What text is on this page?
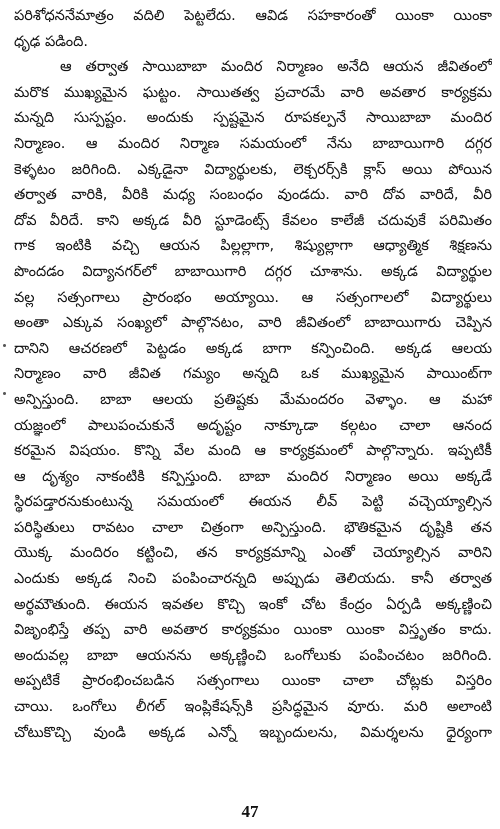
పరిశోధననేమాత్రం వదిలి పెట్టలేదు. ఆవిడ సహకారంతో యింకా యింకా
ధృఢ పడింది.
ఆ తర్వాత సాయిబాబా మందిర నిర్మాణం అనేది ఆయన జీవితంలో
మరొక ముఖ్యమైన ఘట్టం. సాయితత్వ ప్రచారమే వారి అవతార కార్యక్రమ
మన్నది సుస్పష్టం. అందుకు స్పష్టమైన రూపకల్పనే సాయిబాబా మందిర
నిర్మాణం. ఆ మందిర నిర్మాణ సమయంలో నేను బాబాయిగారి దగ్గర
కెళ్ళటం జరిగింది. ఎక్కడైనా విద్యార్థులకు, లెక్చరర్స్‌కి క్లాస్ అయి పోయిన
తర్వాత వారికి, వీరికి మధ్య సంబంధం వుండదు. వారి దోవ వారిదే, వీరి
దోవ వీరిదే. కాని అక్కడ వీరి స్టూడెంట్స్ కేవలం కాలేజీ చదువుకే పరిమితం
గాక ఇంటికి వచ్చి ఆయన పిల్లల్లాగా, శిష్యుల్లాగా ఆధ్యాత్మిక శిక్షణను
పొందడం విద్యానగర్‌లో బాబాయిగారి దగ్గర చూశాను. అక్కడ విద్యార్థుల
వల్ల సత్సంగాలు ప్రారంభం అయ్యాయి. ఆ సత్సంగాలలో విద్యార్థులు
అంతా ఎక్కువ సంఖ్యలో పాల్గొనటం, వారి జీవితంలో బాబాయిగారు చెప్పిన
దానిని ఆచరణలో పెట్టడం అక్కడ బాగా కన్పించింది. అక్కడ ఆలయ
నిర్మాణం వారి జీవిత గమ్యం అన్నది ఒక ముఖ్యమైన పాయింట్‌గా
అన్పిస్తుంది. బాబా ఆలయ ప్రతిష్టకు మేమందరం వెళ్ళాం. ఆ మహా
యజ్ఞంలో పాలుపంచుకునే అదృష్టం నాక్కూడా కల్గటం చాలా ఆనంద
కరమైన విషయం. కొన్ని వేల మంది ఆ కార్యక్రమంలో పాల్గొన్నారు. ఇప్పటికీ
ఆ దృశ్యం నాకంటికి కన్పిస్తుంది. బాబా మందిర నిర్మాణం అయి అక్కడే
స్థిరపడ్తారనుకుంటున్న సమయంలో ఈయన లీవ్ పెట్టి వచ్చెయ్యాల్సిన
పరిస్థితులు రావటం చాలా చిత్రంగా అన్పిస్తుంది. భౌతికమైన దృష్టికి తన
యొక్క మందిరం కట్టించి, తన కార్యక్రమాన్ని ఎంతో చెయ్యాల్సిన వారిని
ఎందుకు అక్కడ నించి పంపించారన్నది అప్పుడు తెలియదు. కానీ తర్వాత
అర్థమౌతుంది. ఈయన ఇవతల కొచ్చి ఇంకో చోట కేంద్రం ఏర్పడి అక్కణ్ణించి
విజృంభిస్తే తప్ప వారి అవతార కార్యక్రమం యింకా యింకా విస్తృతం కాదు.
అందువల్ల బాబా ఆయనను అక్కణ్ణించి ఒంగోలుకు పంపించటం జరిగింది.
అప్పటికే ప్రారంభించబడిన సత్సంగాలు యింకా చాలా చోట్లకు విస్తరిం
చాయి. ఒంగోలు లీగల్ ఇంప్లికేషన్స్‌కి ప్రసిద్ధమైన వూరు. మరి అలాంటి
చోటుకొచ్చి వుండి అక్కడ ఎన్నో ఇబ్బందులను, విమర్శలను ధైర్యంగా
47
